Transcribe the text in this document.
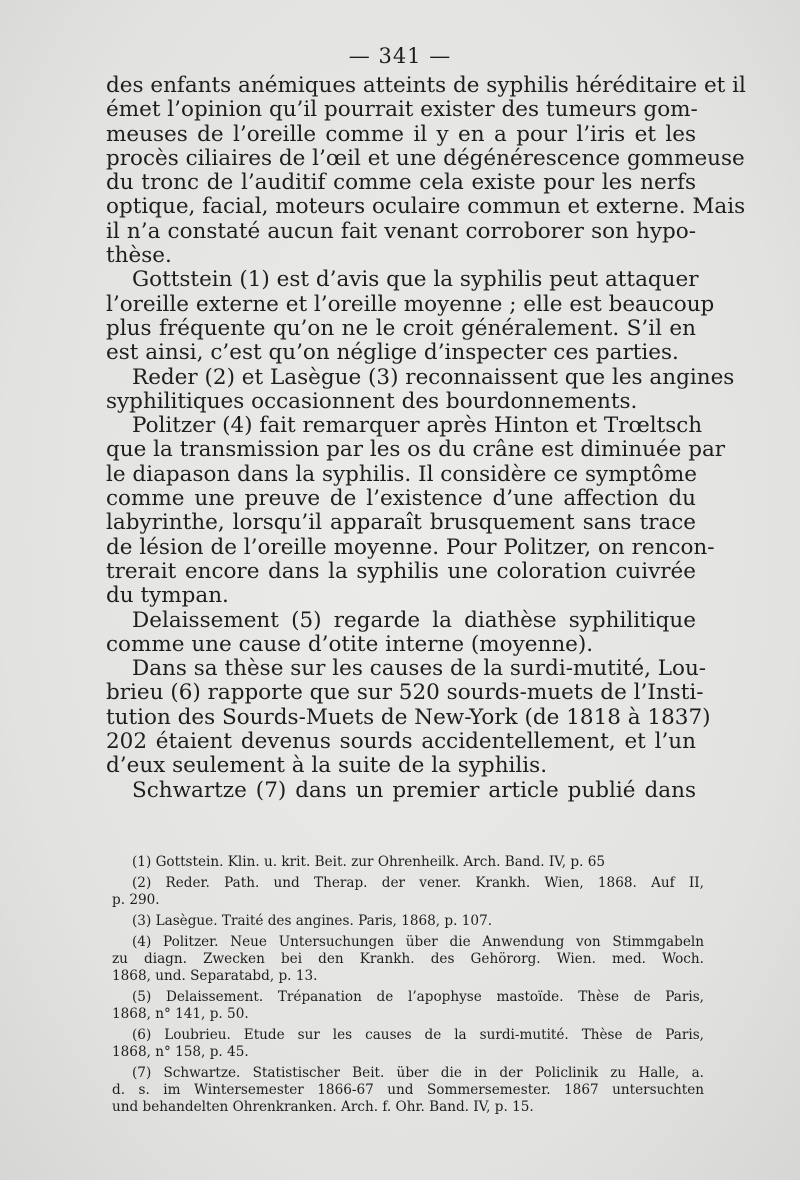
— 341 —
des enfants anémiques atteints de syphilis héréditaire et il
émet l’opinion qu’il pourrait exister des tumeurs gom-
meuses de l’oreille comme il y en a pour l’iris et les
procès ciliaires de l’œil et une dégénérescence gommeuse
du tronc de l’auditif comme cela existe pour les nerfs
optique, facial, moteurs oculaire commun et externe. Mais
il n’a constaté aucun fait venant corroborer son hypo-
thèse.
Gottstein (1) est d’avis que la syphilis peut attaquer
l’oreille externe et l’oreille moyenne ; elle est beaucoup
plus fréquente qu’on ne le croit généralement. S’il en
est ainsi, c’est qu’on néglige d’inspecter ces parties.
Reder (2) et Lasègue (3) reconnaissent que les angines
syphilitiques occasionnent des bourdonnements.
Politzer (4) fait remarquer après Hinton et Trœltsch
que la transmission par les os du crâne est diminuée par
le diapason dans la syphilis. Il considère ce symptôme
comme une preuve de l’existence d’une affection du
labyrinthe, lorsqu’il apparaît brusquement sans trace
de lésion de l’oreille moyenne. Pour Politzer, on rencon-
trerait encore dans la syphilis une coloration cuivrée
du tympan.
Delaissement (5) regarde la diathèse syphilitique
comme une cause d’otite interne (moyenne).
Dans sa thèse sur les causes de la surdi-mutité, Lou-
brieu (6) rapporte que sur 520 sourds-muets de l’Insti-
tution des Sourds-Muets de New-York (de 1818 à 1837)
202 étaient devenus sourds accidentellement, et l’un
d’eux seulement à la suite de la syphilis.
Schwartze (7) dans un premier article publié dans
(1) Gottstein. Klin. u. krit. Beit. zur Ohrenheilk. Arch. Band. IV, p. 65
(2) Reder. Path. und Therap. der vener. Krankh. Wien, 1868. Auf II,
p. 290.
(3) Lasègue. Traité des angines. Paris, 1868, p. 107.
(4) Politzer. Neue Untersuchungen über die Anwendung von Stimmgabeln
zu diagn. Zwecken bei den Krankh. des Gehörorg. Wien. med. Woch.
1868, und. Separatabd, p. 13.
(5) Delaissement. Trépanation de l’apophyse mastoïde. Thèse de Paris,
1868, n° 141, p. 50.
(6) Loubrieu. Etude sur les causes de la surdi-mutité. Thèse de Paris,
1868, n° 158, p. 45.
(7) Schwartze. Statistischer Beit. über die in der Policlinik zu Halle, a.
d. s. im Wintersemester 1866-67 und Sommersemester. 1867 untersuchten
und behandelten Ohrenkranken. Arch. f. Ohr. Band. IV, p. 15.
